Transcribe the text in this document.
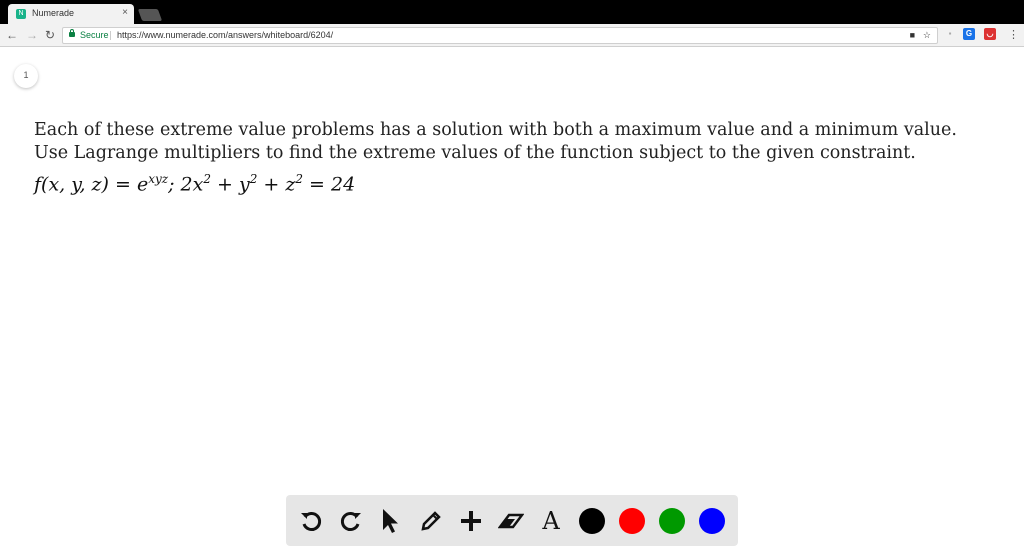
N Numerade	×
← → ↻	Secure https://www.numerade.com/answers/whiteboard/6204/	■ ☆	▪	G	◡ ⋮
1

Each of these extreme value problems has a solution with both a maximum value and a minimum value. Use Lagrange multipliers to find the extreme values of the function subject to the given constraint.

f(x, y, $z) = e^{xyz}$; $2x^2 + y^2 + z^2 = 24$

A
